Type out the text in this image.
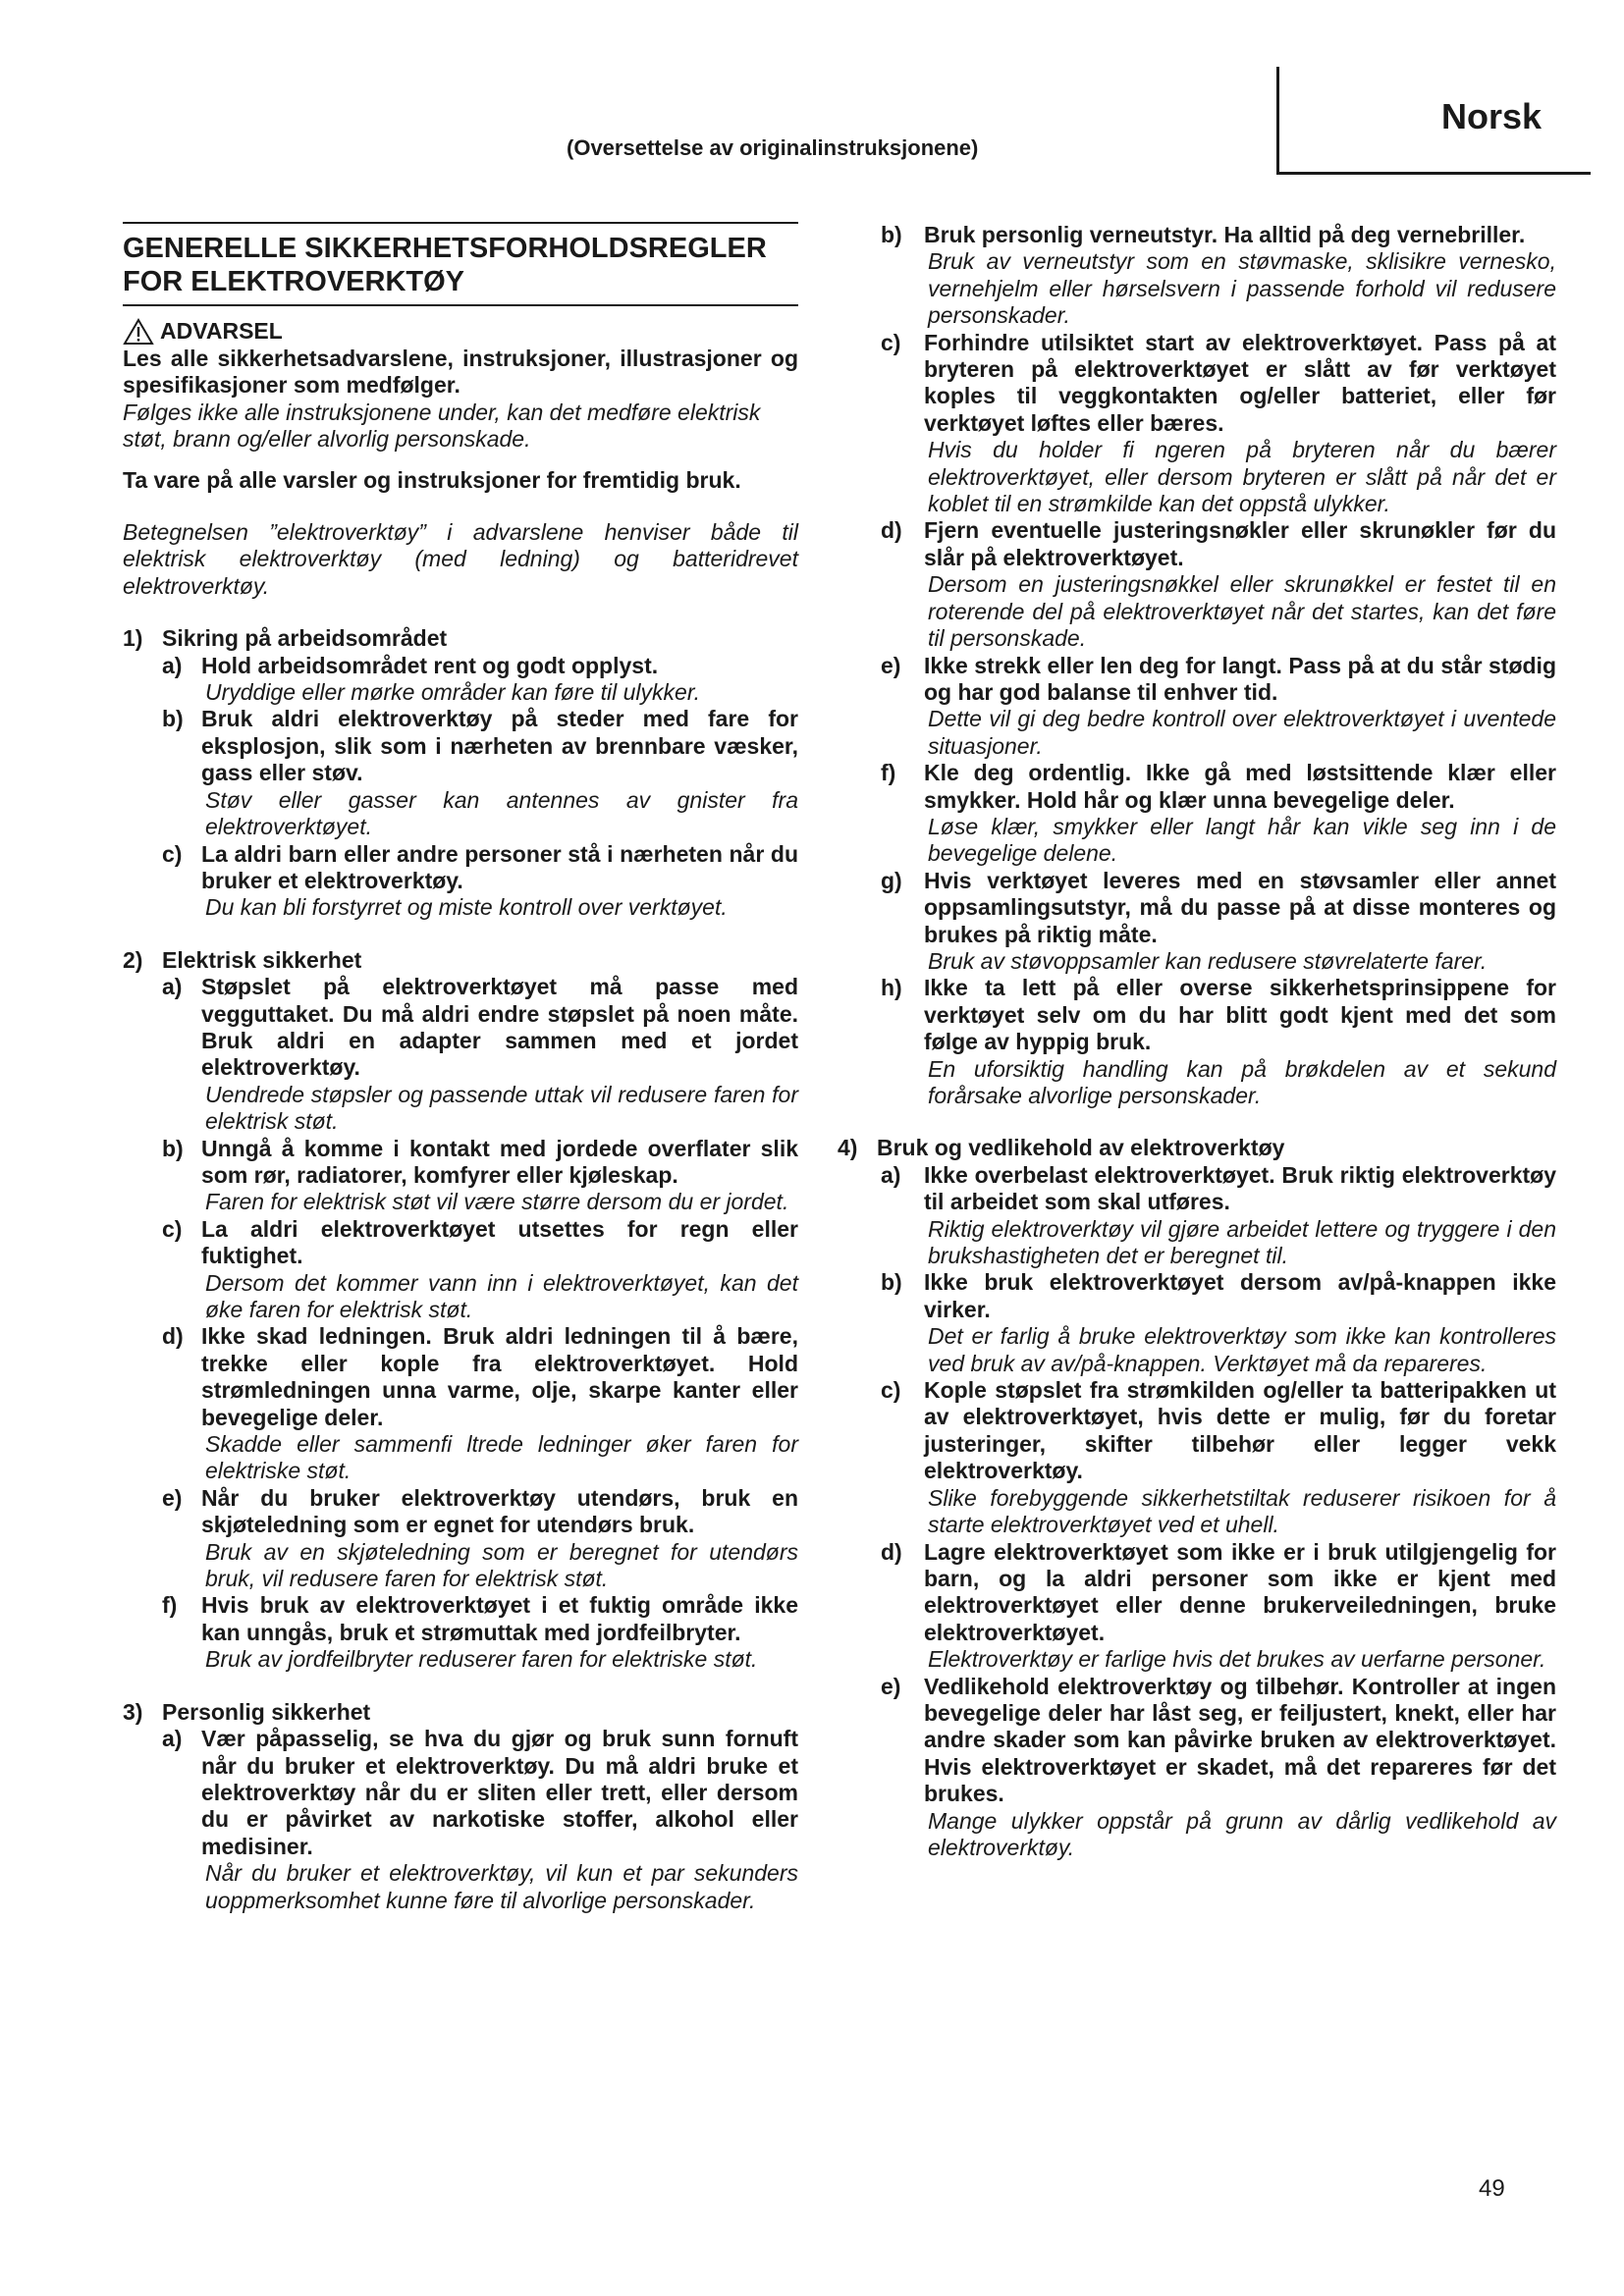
Norsk
(Oversettelse av originalinstruksjonene)

GENERELLE SIKKERHETSFORHOLDSREGLER

FOR ELEKTROVERKTØY

ADVARSEL

Les alle sikkerhetsadvarslene, instruksjoner, illustrasjoner og spesifikasjoner som medfølger.

Følges ikke alle instruksjonene under, kan det medføre elektrisk støt, brann og/eller alvorlig personskade.

Ta vare på alle varsler og instruksjoner for fremtidig bruk.

Betegnelsen ”elektroverktøy” i advarslene henviser både til elektrisk elektroverktøy (med ledning) og batteridrevet elektroverktøy.

1) Sikring på arbeidsområdet
a) Hold arbeidsområdet rent og godt opplyst.

Uryddige eller mørke områder kan føre til ulykker.

b) Bruk aldri elektroverktøy på steder med fare for eksplosjon, slik som i nærheten av brennbare væsker, gass eller støv.

Støv eller gasser kan antennes av gnister fra elektroverktøyet.

c) La aldri barn eller andre personer stå i nærheten når du bruker et elektroverktøy.

Du kan bli forstyrret og miste kontroll over verktøyet.

2) Elektrisk sikkerhet
a) Støpslet på elektroverktøyet må passe med vegguttaket. Du må aldri endre støpslet på noen måte. Bruk aldri en adapter sammen med et jordet elektroverktøy.

Uendrede støpsler og passende uttak vil redusere faren for elektrisk støt.

b) Unngå å komme i kontakt med jordede overflater slik som rør, radiatorer, komfyrer eller kjøleskap.

Faren for elektrisk støt vil være større dersom du er jordet.

c) La aldri elektroverktøyet utsettes for regn eller fuktighet.

Dersom det kommer vann inn i elektroverktøyet, kan det øke faren for elektrisk støt.

d) Ikke skad ledningen. Bruk aldri ledningen til å bære, trekke eller kople fra elektroverktøyet. Hold strømledningen unna varme, olje, skarpe kanter eller bevegelige deler.

Skadde eller sammenfi ltrede ledninger øker faren for elektriske støt.

e) Når du bruker elektroverktøy utendørs, bruk en skjøteledning som er egnet for utendørs bruk.

Bruk av en skjøteledning som er beregnet for utendørs bruk, vil redusere faren for elektrisk støt.

f)	Hvis bruk av elektroverktøyet i et fuktig område ikke kan unngås, bruk et strømuttak med jordfeilbryter.

Bruk av jordfeilbryter reduserer faren for elektriske støt.

3) Personlig sikkerhet
a) Vær påpasselig, se hva du gjør og bruk sunn fornuft når du bruker et elektroverktøy. Du må aldri bruke et elektroverktøy når du er sliten eller trett, eller dersom du er påvirket av narkotiske stoffer, alkohol eller medisiner.

Når du bruker et elektroverktøy, vil kun et par sekunders uoppmerksomhet kunne føre til alvorlige personskader.

b) Bruk personlig verneutstyr. Ha alltid på deg vernebriller.

Bruk av verneutstyr som en støvmaske, sklisikre vernesko, vernehjelm eller hørselsvern i passende forhold vil redusere personskader.

c)	Forhindre utilsiktet start av elektroverktøyet. Pass på at bryteren på elektroverktøyet er slått av før verktøyet koples til veggkontakten og/eller batteriet, eller før verktøyet løftes eller bæres.

Hvis du holder fi ngeren på bryteren når du bærer elektroverktøyet, eller dersom bryteren er slått på når det er koblet til en strømkilde kan det oppstå ulykker.

d) Fjern eventuelle justeringsnøkler eller skrunøkler før du slår på elektroverktøyet.

Dersom en justeringsnøkkel eller skrunøkkel er festet til en roterende del på elektroverktøyet når det startes, kan det føre til personskade.

e)	Ikke strekk eller len deg for langt. Pass på at du står stødig og har god balanse til enhver tid.

Dette vil gi deg bedre kontroll over elektroverktøyet i uventede situasjoner.

f)	Kle deg ordentlig. Ikke gå med løstsittende klær eller smykker. Hold hår og klær unna bevegelige deler.

Løse klær, smykker eller langt hår kan vikle seg inn i de bevegelige delene.

g) Hvis verktøyet leveres med en støvsamler eller annet oppsamlingsutstyr, må du passe på at disse monteres og brukes på riktig måte.

Bruk av støvoppsamler kan redusere støvrelaterte farer.

h) Ikke ta lett på eller overse sikkerhetsprinsippene for verktøyet selv om du har blitt godt kjent med det som følge av hyppig bruk.

En uforsiktig handling kan på brøkdelen av et sekund forårsake alvorlige personskader.

4) Bruk og vedlikehold av elektroverktøy
a)	Ikke overbelast elektroverktøyet. Bruk riktig elektroverktøy til arbeidet som skal utføres.

Riktig elektroverktøy vil gjøre arbeidet lettere og tryggere i den brukshastigheten det er beregnet til.

b) Ikke bruk elektroverktøyet dersom av/på-knappen ikke virker.

Det er farlig å bruke elektroverktøy som ikke kan kontrolleres ved bruk av av/på-knappen. Verktøyet må da repareres.

c)	Kople støpslet fra strømkilden og/eller ta batteripakken ut av elektroverktøyet, hvis dette er mulig, før du foretar justeringer, skifter tilbehør eller legger vekk elektroverktøy.

Slike forebyggende sikkerhetstiltak reduserer risikoen for å starte elektroverktøyet ved et uhell.

d) Lagre elektroverktøyet som ikke er i bruk utilgjengelig for barn, og la aldri personer som ikke er kjent med elektroverktøyet eller denne brukerveiledningen, bruke elektroverktøyet.

Elektroverktøy er farlige hvis det brukes av uerfarne personer.

e)	Vedlikehold elektroverktøy og tilbehør. Kontroller at ingen bevegelige deler har låst seg, er feiljustert, knekt, eller har andre skader som kan påvirke bruken av elektroverktøyet. Hvis elektroverktøyet er skadet, må det repareres før det brukes.

Mange ulykker oppstår på grunn av dårlig vedlikehold av elektroverktøy.

49
